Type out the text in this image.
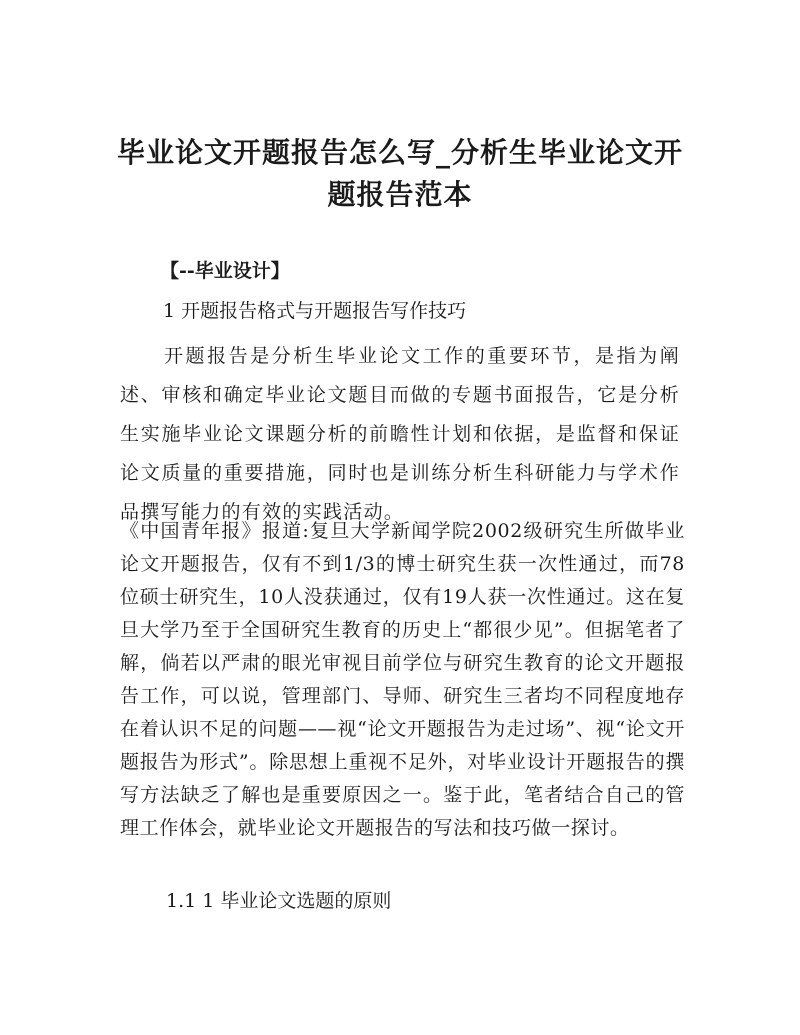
毕业论文开题报告怎么写_分析生毕业论文开题报告范本

【--毕业设计】

1 开题报告格式与开题报告写作技巧

开题报告是分析生毕业论文工作的重要环节，是指为阐述、审核和确定毕业论文题目而做的专题书面报告，它是分析生实施毕业论文课题分析的前瞻性计划和依据，是监督和保证论文质量的重要措施，同时也是训练分析生科研能力与学术作品撰写能力的有效的实践活动。

《中国青年报》报道:复旦大学新闻学院2002级研究生所做毕业论文开题报告，仅有不到1/3的博士研究生获一次性通过，而78位硕士研究生，10人没获通过，仅有19人获一次性通过。这在复旦大学乃至于全国研究生教育的历史上“都很少见”。但据笔者了解，倘若以严肃的眼光审视目前学位与研究生教育的论文开题报告工作，可以说，管理部门、导师、研究生三者均不同程度地存在着认识不足的问题——视“论文开题报告为走过场”、视“论文开题报告为形式”。除思想上重视不足外，对毕业设计开题报告的撰写方法缺乏了解也是重要原因之一。鉴于此，笔者结合自己的管理工作体会，就毕业论文开题报告的写法和技巧做一探讨。

1.1 1 毕业论文选题的原则
